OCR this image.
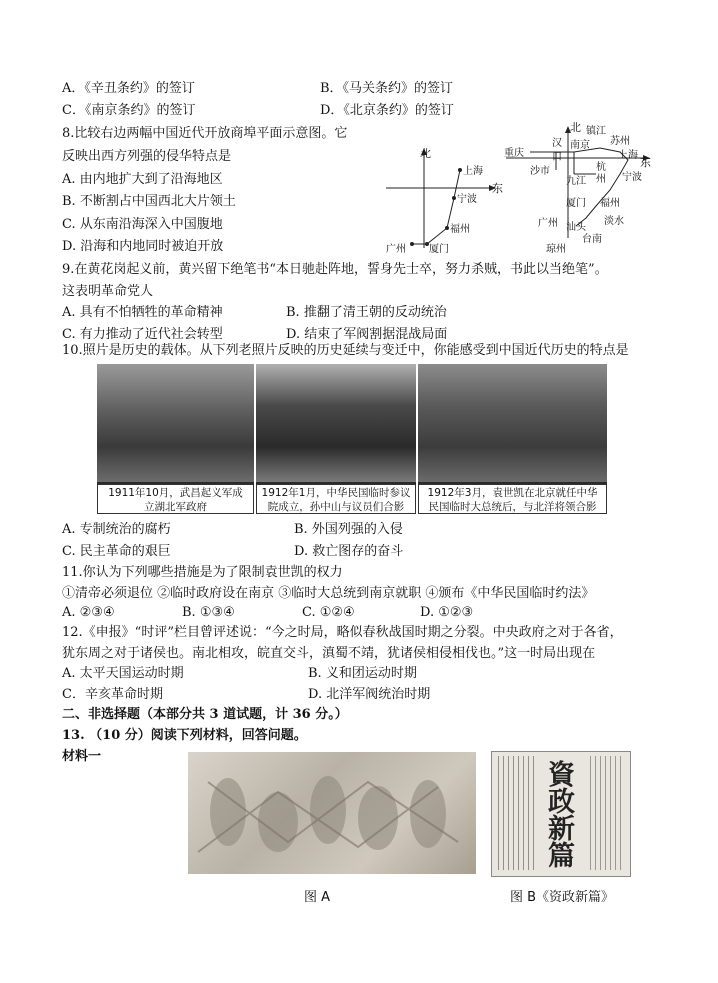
A．《辛丑条约》的签订	B．《马关条约》的签订
C．《南京条约》的签订	D．《北京条约》的签订
8.比较右边两幅中国近代开放商埠平面示意图。它
反映出西方列强的侵华特点是
A. 由内地扩大到了沿海地区
B. 不断割占中国西北大片领土
C. 从东南沿海深入中国腹地
D. 沿海和内地同时被迫开放
北
东
上海
宁波
福州
厦门
广州
北
东
镇江
苏州
汉
口
南京
上海
重庆
沙市	杭
州
九江	宁波
厦门 福州
广州 汕头
淡水
台南
琼州
9.在黄花岗起义前，黄兴留下绝笔书“本日驰赴阵地，誓身先士卒，努力杀贼，书此以当绝笔”。
这表明革命党人
A. 具有不怕牺牲的革命精神	B. 推翻了清王朝的反动统治
C. 有力推动了近代社会转型	D. 结束了军阀割据混战局面
10.照片是历史的载体。从下列老照片反映的历史延续与变迁中，你能感受到中国近代历史的特点是
1911年10月，武昌起义军成
立湖北军政府
1912年1月，中华民国临时参议
院成立，孙中山与议员们合影
1912年3月，袁世凯在北京就任中华
民国临时大总统后，与北洋将领合影
A. 专制统治的腐朽	B. 外国列强的入侵
C. 民主革命的艰巨	D. 救亡图存的奋斗
11.你认为下列哪些措施是为了限制袁世凯的权力
①清帝必须退位 ②临时政府设在南京 ③临时大总统到南京就职 ④颁布《中华民国临时约法》
A. ②③④	B. ①③④	C. ①②④	D. ①②③
12.《申报》“时评”栏目曾评述说：“今之时局，略似春秋战国时期之分裂。中央政府之对于各省，
犹东周之对于诸侯也。南北相攻，皖直交斗，滇蜀不靖，犹诸侯相侵相伐也。”这一时局出现在
A. 太平天国运动时期	B. 义和团运动时期
C．辛亥革命时期	D. 北洋军阀统治时期
二、非选择题（本部分共 3 道试题，计 36 分。）
13. （10 分）阅读下列材料，回答问题。
材料一
图 A
資政新篇
图 B《资政新篇》
